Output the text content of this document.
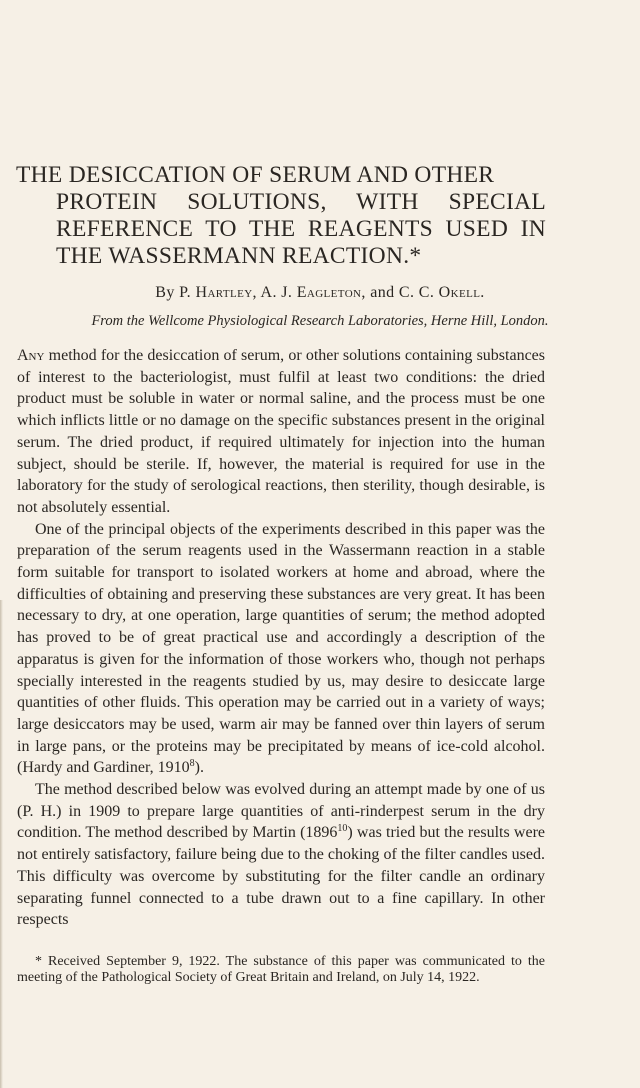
THE DESICCATION OF SERUM AND OTHER
PROTEIN SOLUTIONS, WITH SPECIAL
REFERENCE TO THE REAGENTS USED IN
THE WASSERMANN REACTION.*
By P. Hartley, A. J. Eagleton, and C. C. Okell.
From the Wellcome Physiological Research Laboratories, Herne Hill, London.

Any method for the desiccation of serum, or other solutions containing substances of interest to the bacteriologist, must fulfil at least two conditions: the dried product must be soluble in water or normal saline, and the process must be one which inflicts little or no damage on the specific substances present in the original serum. The dried product, if required ultimately for injection into the human subject, should be sterile. If, however, the material is required for use in the laboratory for the study of serological reactions, then sterility, though desirable, is not absolutely essential.

One of the principal objects of the experiments described in this paper was the preparation of the serum reagents used in the Wassermann reaction in a stable form suitable for transport to isolated workers at home and abroad, where the difficulties of obtaining and preserving these substances are very great. It has been necessary to dry, at one operation, large quantities of serum; the method adopted has proved to be of great practical use and accordingly a description of the apparatus is given for the information of those workers who, though not perhaps specially interested in the reagents studied by us, may desire to desiccate large quantities of other fluids. This operation may be carried out in a variety of ways; large desiccators may be used, warm air may be fanned over thin layers of serum in large pans, or the proteins may be precipitated by means of ice-cold alcohol. (Hardy and Gardiner, 1910$^8$).

The method described below was evolved during an attempt made by one of us (P. H.) in 1909 to prepare large quantities of anti-rinderpest serum in the dry condition. The method described by Martin (1896$^{10}$) was tried but the results were not entirely satisfactory, failure being due to the choking of the filter candles used. This difficulty was overcome by substituting for the filter candle an ordinary separating funnel connected to a tube drawn out to a fine capillary. In other respects

* Received September 9, 1922. The substance of this paper was communicated to the meeting of the Pathological Society of Great Britain and Ireland, on July 14, 1922.
